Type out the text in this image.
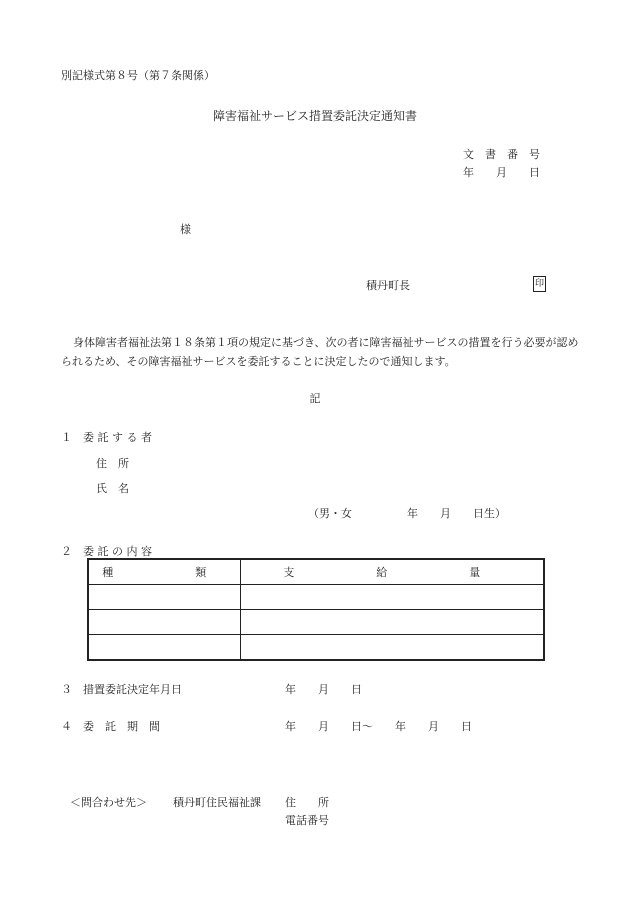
別記様式第８号（第７条関係）
障害福祉サービス措置委託決定通知書
文　書　番　号
年　　月　　日
様
積丹町長	印
身体障害者福祉法第１８条第１項の規定に基づき、次の者に障害福祉サービスの措置を行う必要が認められるため、その障害福祉サービスを委託することに決定したので通知します。
記
１　委 託 す る 者
住　所
氏　名
（男・女　　　　　年　　月　　日生）
２　委 託 の 内 容
種　　類	支　　給　　量

３　措置委託決定年月日	年　　月　　日
４　委　託　期　間	年　　月　　日〜　　年　　月　　日
＜問合わせ先＞ 積丹町住民福祉課 住　　所
電話番号
